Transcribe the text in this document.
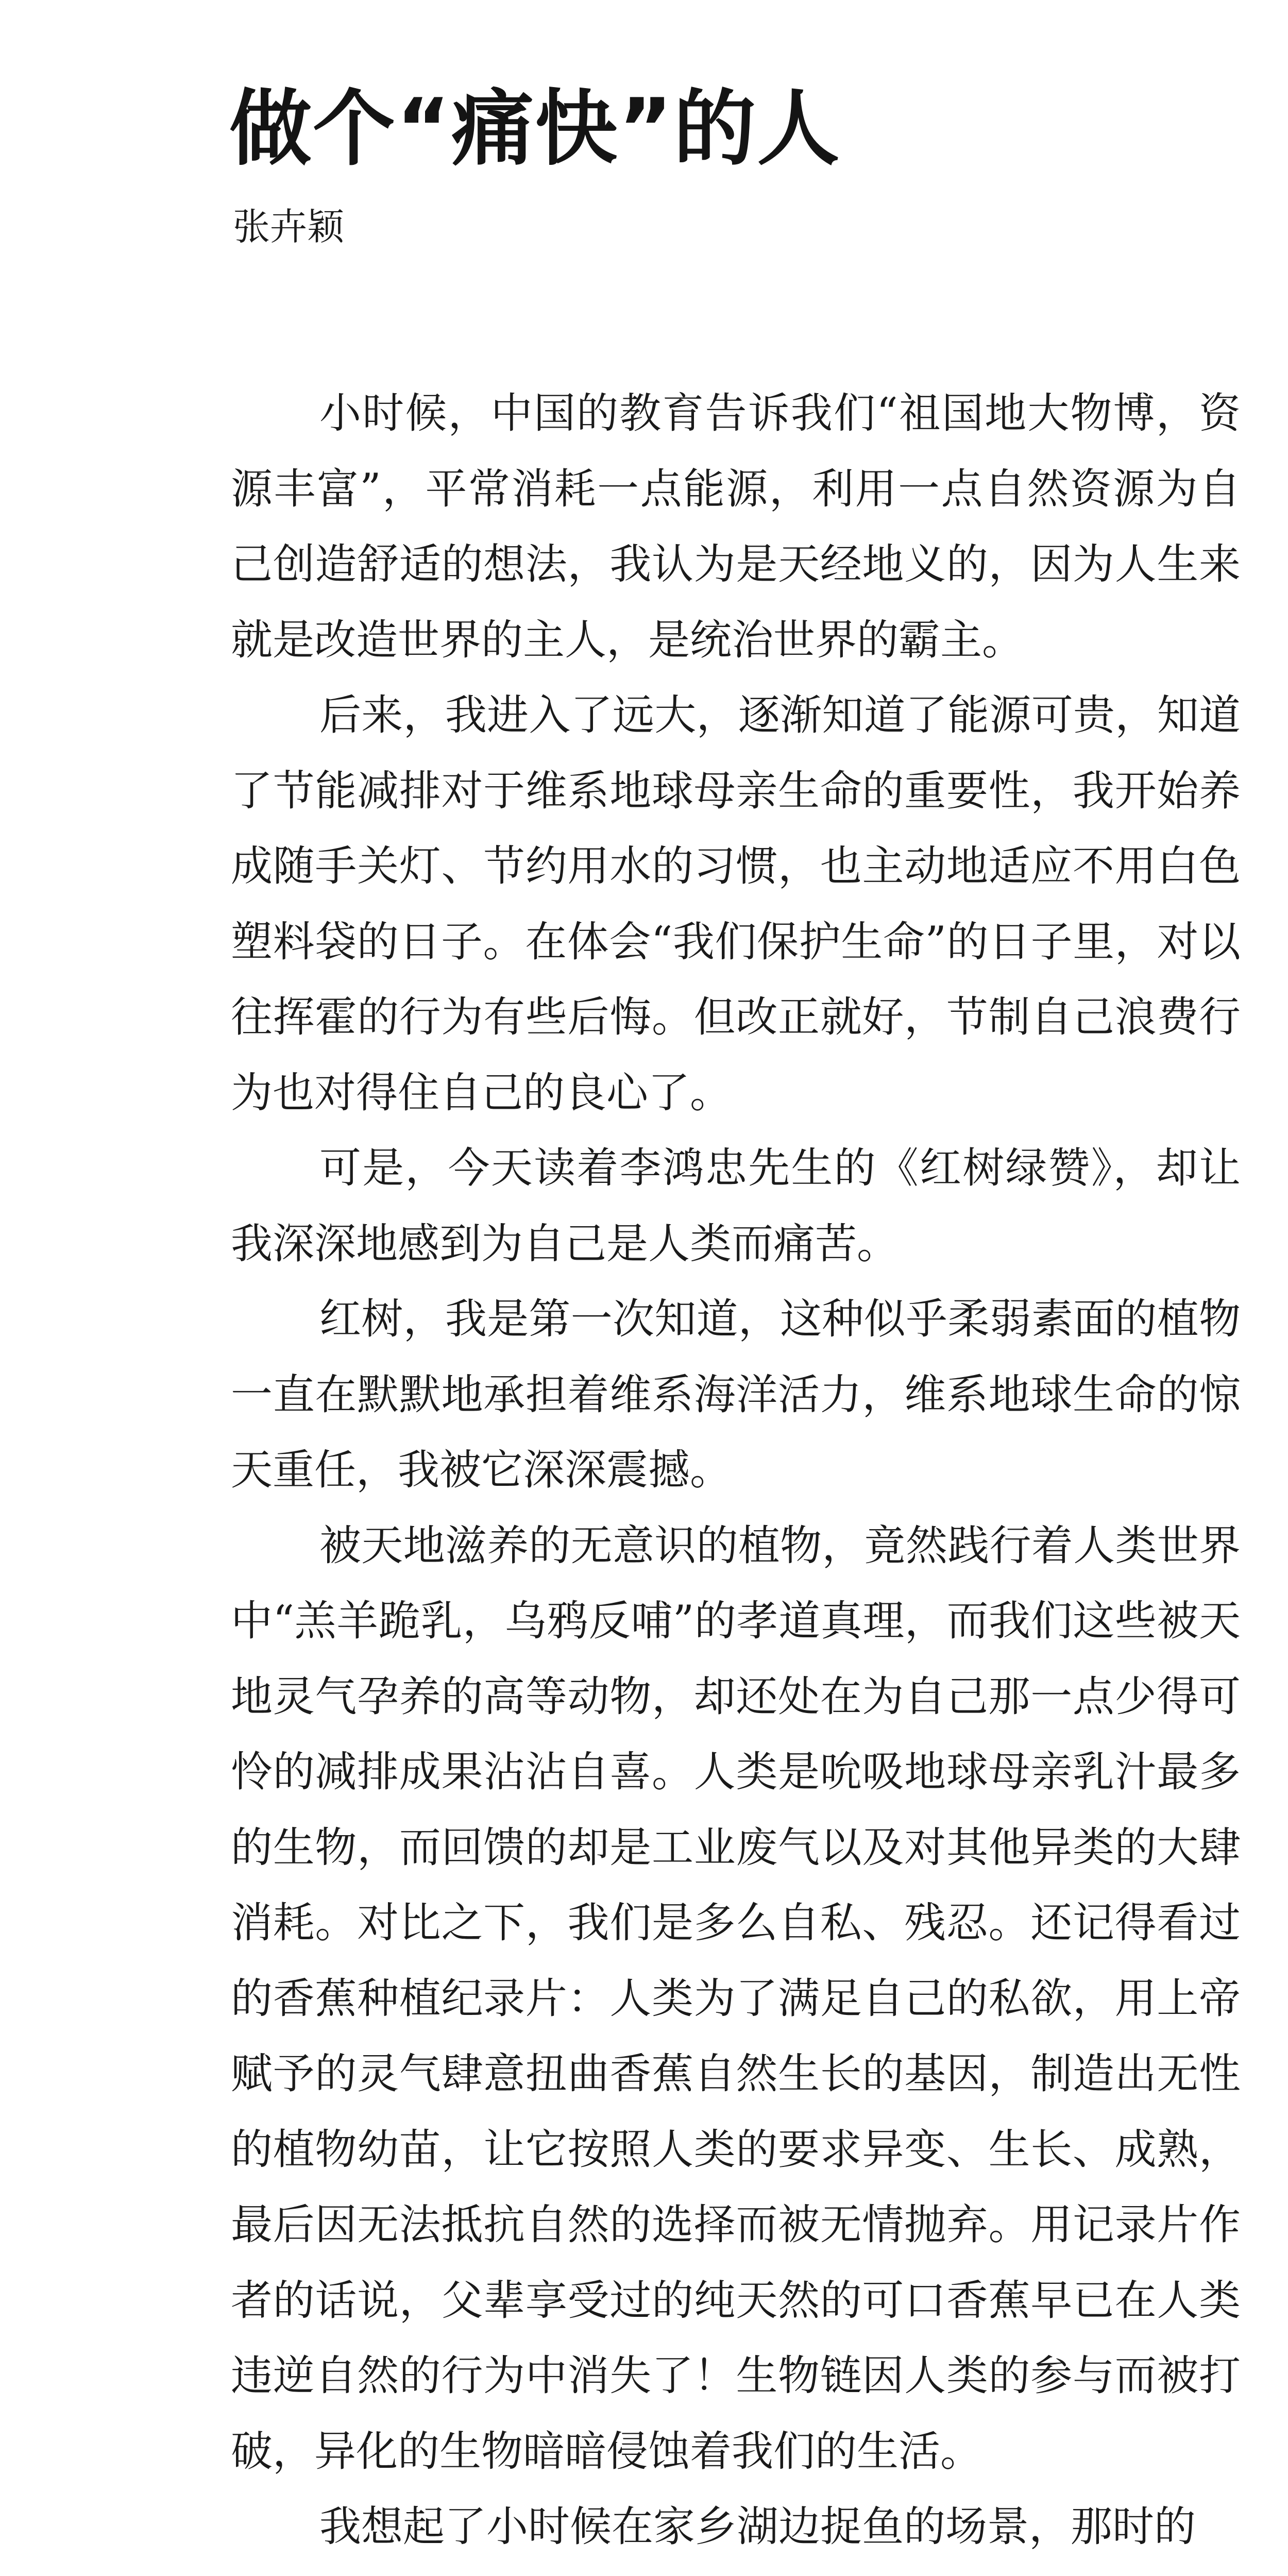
做个“痛快”的人
张卉颖

小时候，中国的教育告诉我们“祖国地大物博，资源丰富”，平常消耗一点能源，利用一点自然资源为自己创造舒适的想法，我认为是天经地义的，因为人生来就是改造世界的主人，是统治世界的霸主。

后来，我进入了远大，逐渐知道了能源可贵，知道了节能减排对于维系地球母亲生命的重要性，我开始养成随手关灯、节约用水的习惯，也主动地适应不用白色塑料袋的日子。在体会“我们保护生命”的日子里，对以往挥霍的行为有些后悔。但改正就好，节制自己浪费行为也对得住自己的良心了。

可是，今天读着李鸿忠先生的《红树绿赞》，却让我深深地感到为自己是人类而痛苦。

红树，我是第一次知道，这种似乎柔弱素面的植物一直在默默地承担着维系海洋活力，维系地球生命的惊天重任，我被它深深震撼。

被天地滋养的无意识的植物，竟然践行着人类世界中“羔羊跪乳，乌鸦反哺”的孝道真理，而我们这些被天地灵气孕养的高等动物，却还处在为自己那一点少得可怜的减排成果沾沾自喜。人类是吮吸地球母亲乳汁最多的生物，而回馈的却是工业废气以及对其他异类的大肆消耗。对比之下，我们是多么自私、残忍。还记得看过的香蕉种植纪录片：人类为了满足自己的私欲，用上帝赋予的灵气肆意扭曲香蕉自然生长的基因，制造出无性的植物幼苗，让它按照人类的要求异变、生长、成熟，最后因无法抵抗自然的选择而被无情抛弃。用记录片作者的话说，父辈享受过的纯天然的可口香蕉早已在人类违逆自然的行为中消失了！生物链因人类的参与而被打破，异化的生物暗暗侵蚀着我们的生活。

我想起了小时候在家乡湖边捉鱼的场景，那时的
